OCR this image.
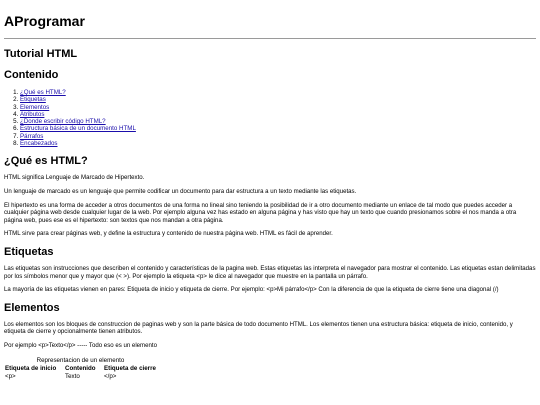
AProgramar
Tutorial HTML
Contenido
1. ¿Qué es HTML?
2. Etiquetas
3. Elementos
4. Atributos
5. ¿Donde escribir código HTML?
6. Estructura básica de un documento HTML
7. Párrafos
8. Encabezados
¿Qué es HTML?

HTML significa Lenguaje de Marcado de Hipertexto.

Un lenguaje de marcado es un lenguaje que permite codificar un documento para dar estructura a un texto mediante las etiquetas.

El hipertexto es una forma de acceder a otros documentos de una forma no lineal sino teniendo la posibilidad de ir a otro documento mediante un enlace de tal modo que puedes acceder a cualquier página web desde cualquier lugar de la web. Por ejemplo alguna vez has estado en alguna página y has visto que hay un texto que cuando presionamos sobre el nos manda a otra página web, pues ese es el hipertexto: son textos que nos mandan a otra página.

HTML sirve para crear páginas web, y define la estructura y contenido de nuestra página web. HTML es fácil de aprender.

Etiquetas

Las etiquetas son instrucciones que describen el contenido y características de la pagina web. Estas etiquetas las interpreta el navegador para mostrar el contenido. Las etiquetas estan delimitadas por los símbolos menor que y mayor que (< >). Por ejemplo la etiqueta <p> le dice al navegador que muestre en la pantalla un párrafo.

La mayoría de las etiquetas vienen en pares: Etiqueta de inicio y etiqueta de cierre. Por ejemplo: <p>Mi párrafo</p> Con la diferencia de que la etiqueta de cierre tiene una diagonal (/)

Elementos

Los elementos son los bloques de construccion de paginas web y son la parte básica de todo documento HTML. Los elementos tienen una estructura básica: etiqueta de inicio, contenido, y etiqueta de cierre y opcionalmente tienen atributos.

Por ejemplo <p>Texto</p> ----- Todo eso es un elemento

Representacion de un elemento
Etiqueta de inicio	Contenido	Etiqueta de cierre
<p>	Texto	</p>
